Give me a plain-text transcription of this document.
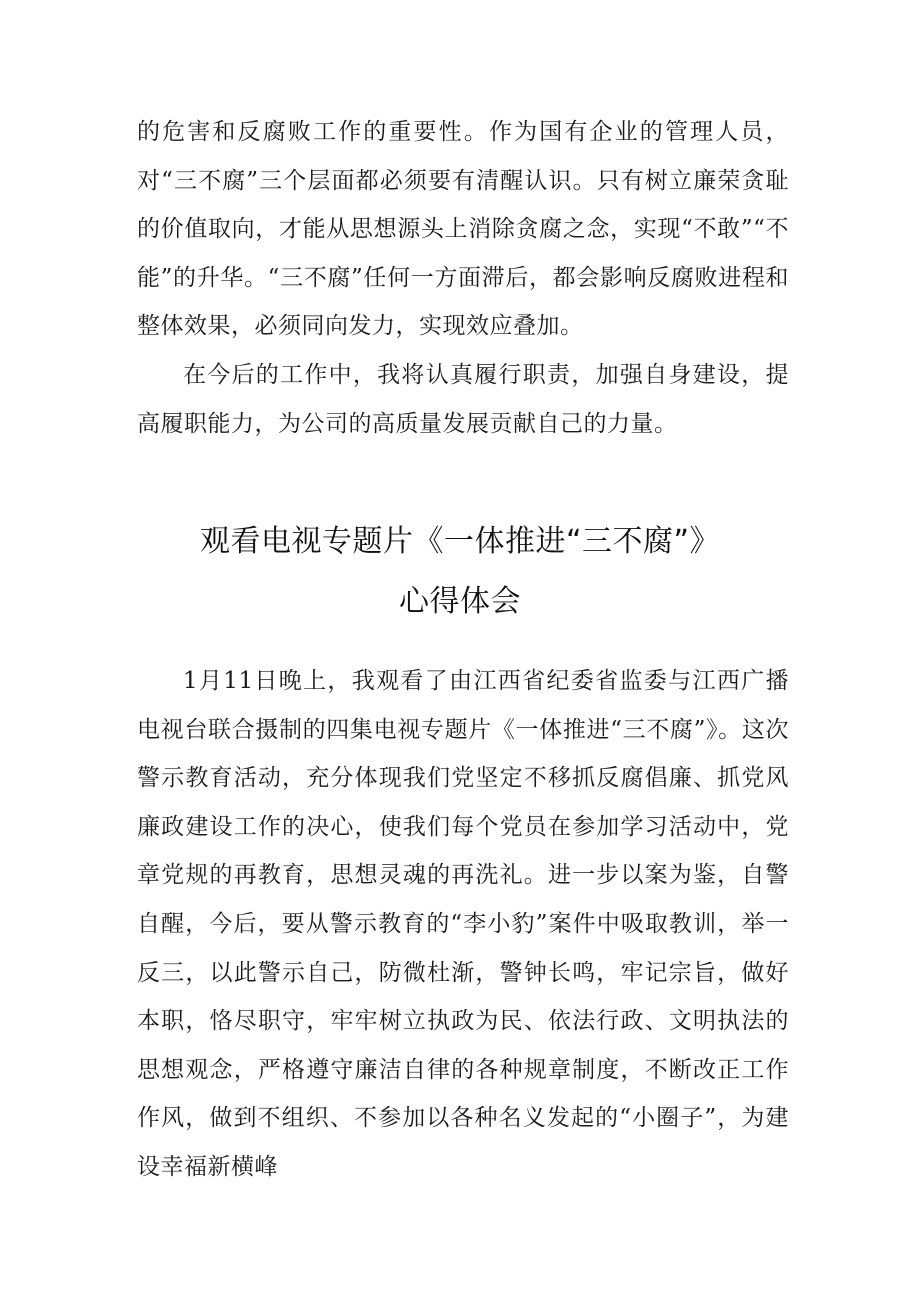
的危害和反腐败工作的重要性。作为国有企业的管理人员，对“三不腐”三个层面都必须要有清醒认识。只有树立廉荣贪耻的价值取向，才能从思想源头上消除贪腐之念，实现“不敢”“不能”的升华。“三不腐”任何一方面滞后，都会影响反腐败进程和整体效果，必须同向发力，实现效应叠加。

在今后的工作中，我将认真履行职责，加强自身建设，提高履职能力，为公司的高质量发展贡献自己的力量。

观看电视专题片《一体推进“三不腐”》
心得体会

1月11日晚上，我观看了由江西省纪委省监委与江西广播电视台联合摄制的四集电视专题片《一体推进“三不腐”》。这次警示教育活动，充分体现我们党坚定不移抓反腐倡廉、抓党风廉政建设工作的决心，使我们每个党员在参加学习活动中，党章党规的再教育，思想灵魂的再洗礼。进一步以案为鉴，自警自醒，今后，要从警示教育的“李小豹”案件中吸取教训，举一反三，以此警示自己，防微杜渐，警钟长鸣，牢记宗旨，做好本职，恪尽职守，牢牢树立执政为民、依法行政、文明执法的思想观念，严格遵守廉洁自律的各种规章制度，不断改正工作作风，做到不组织、不参加以各种名义发起的“小圈子”，为建设幸福新横峰
